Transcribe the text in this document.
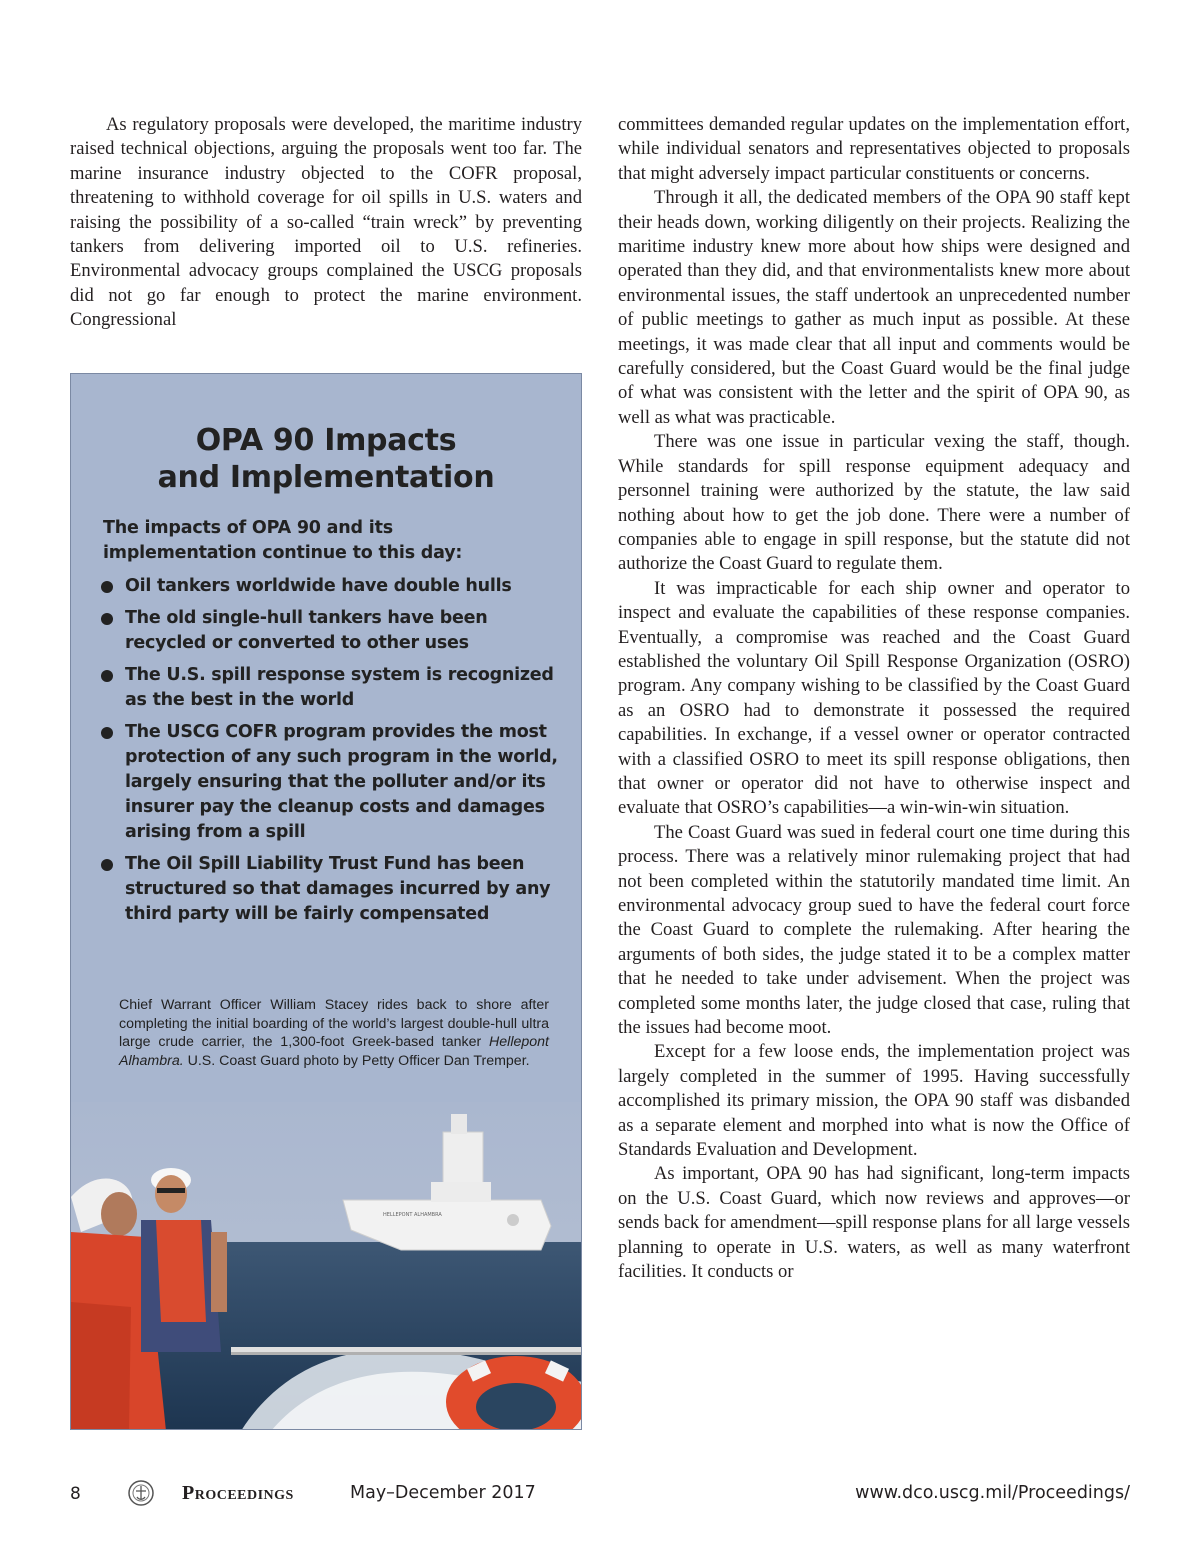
As regulatory proposals were developed, the maritime industry raised technical objections, arguing the proposals went too far. The marine insurance industry objected to the COFR proposal, threatening to withhold coverage for oil spills in U.S. waters and raising the possibility of a so-called “train wreck” by preventing tankers from delivering imported oil to U.S. refineries. Environmental advocacy groups complained the USCG proposals did not go far enough to protect the marine environment. Congressional

OPA 90 Impacts
and Implementation
The impacts of OPA 90 and its implementation continue to this day:
Oil tankers worldwide have double hulls
The old single-hull tankers have been recycled or converted to other uses
The U.S. spill response system is recognized as the best in the world
The USCG COFR program provides the most protection of any such program in the world, largely ensuring that the polluter and/or its insurer pay the cleanup costs and damages arising from a spill
The Oil Spill Liability Trust Fund has been structured so that damages incurred by any third party will be fairly compensated
Chief Warrant Officer William Stacey rides back to shore after completing the initial boarding of the world’s largest double-hull ultra large crude carrier, the 1,300-foot Greek-based tanker Hellepont Alhambra. U.S. Coast Guard photo by Petty Officer Dan Tremper.
HELLEPONT ALHAMBRA

committees demanded regular updates on the implementation effort, while individual senators and representatives objected to proposals that might adversely impact particular constituents or concerns.

Through it all, the dedicated members of the OPA 90 staff kept their heads down, working diligently on their projects. Realizing the maritime industry knew more about how ships were designed and operated than they did, and that environmentalists knew more about environmental issues, the staff undertook an unprecedented number of public meetings to gather as much input as possible. At these meetings, it was made clear that all input and comments would be carefully considered, but the Coast Guard would be the final judge of what was consistent with the letter and the spirit of OPA 90, as well as what was practicable.

There was one issue in particular vexing the staff, though. While standards for spill response equipment adequacy and personnel training were authorized by the statute, the law said nothing about how to get the job done. There were a number of companies able to engage in spill response, but the statute did not authorize the Coast Guard to regulate them.

It was impracticable for each ship owner and operator to inspect and evaluate the capabilities of these response companies. Eventually, a compromise was reached and the Coast Guard established the voluntary Oil Spill Response Organization (OSRO) program. Any company wishing to be classified by the Coast Guard as an OSRO had to demonstrate it possessed the required capabilities. In exchange, if a vessel owner or operator contracted with a classified OSRO to meet its spill response obligations, then that owner or operator did not have to otherwise inspect and evaluate that OSRO’s capabilities—a win-win-win situation.

The Coast Guard was sued in federal court one time during this process. There was a relatively minor rulemaking project that had not been completed within the statutorily mandated time limit. An environmental advocacy group sued to have the federal court force the Coast Guard to complete the rulemaking. After hearing the arguments of both sides, the judge stated it to be a complex matter that he needed to take under advisement. When the project was completed some months later, the judge closed that case, ruling that the issues had become moot.

Except for a few loose ends, the implementation project was largely completed in the summer of 1995. Having successfully accomplished its primary mission, the OPA 90 staff was disbanded as a separate element and morphed into what is now the Office of Standards Evaluation and Development.

As important, OPA 90 has had significant, long-term impacts on the U.S. Coast Guard, which now reviews and approves—or sends back for amendment—spill response plans for all large vessels planning to operate in U.S. waters, as well as many waterfront facilities. It conducts or

8	Proceedings	May–December 2017	www.dco.uscg.mil/Proceedings/
